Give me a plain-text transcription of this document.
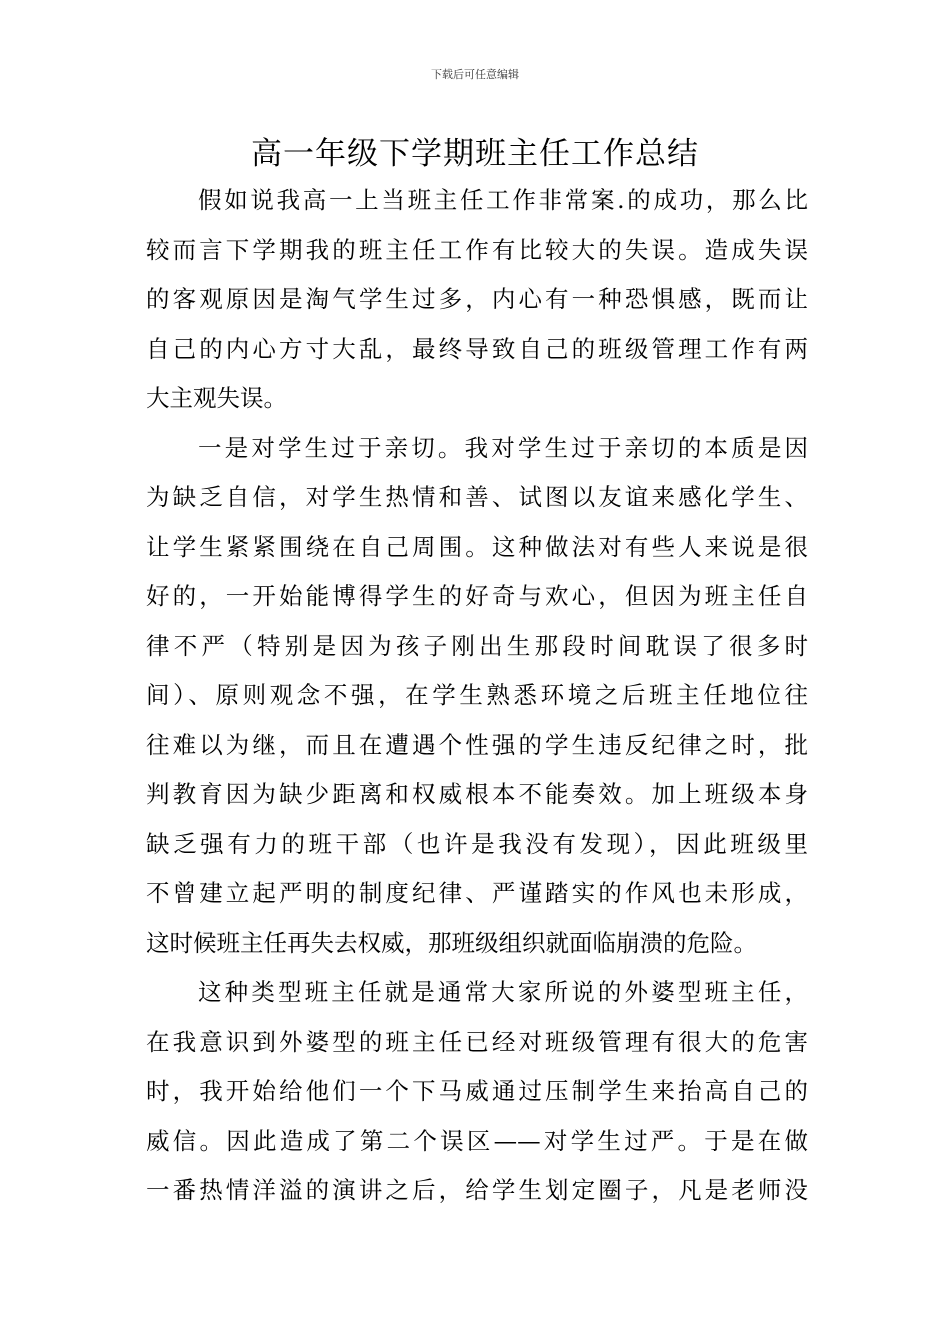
下载后可任意编辑
高一年级下学期班主任工作总结
假如说我高一上当班主任工作非常案.的成功，那么比
较而言下学期我的班主任工作有比较大的失误。造成失误
的客观原因是淘气学生过多，内心有一种恐惧感，既而让
自己的内心方寸大乱，最终导致自己的班级管理工作有两
大主观失误。
一是对学生过于亲切。我对学生过于亲切的本质是因
为缺乏自信，对学生热情和善、试图以友谊来感化学生、
让学生紧紧围绕在自己周围。这种做法对有些人来说是很
好的，一开始能博得学生的好奇与欢心，但因为班主任自
律不严（特别是因为孩子刚出生那段时间耽误了很多时
间）、原则观念不强，在学生熟悉环境之后班主任地位往
往难以为继，而且在遭遇个性强的学生违反纪律之时，批
判教育因为缺少距离和权威根本不能奏效。加上班级本身
缺乏强有力的班干部（也许是我没有发现），因此班级里
不曾建立起严明的制度纪律、严谨踏实的作风也未形成，
这时候班主任再失去权威，那班级组织就面临崩溃的危险。
这种类型班主任就是通常大家所说的外婆型班主任，
在我意识到外婆型的班主任已经对班级管理有很大的危害
时，我开始给他们一个下马威通过压制学生来抬高自己的
威信。因此造成了第二个误区——对学生过严。于是在做
一番热情洋溢的演讲之后，给学生划定圈子，凡是老师没
